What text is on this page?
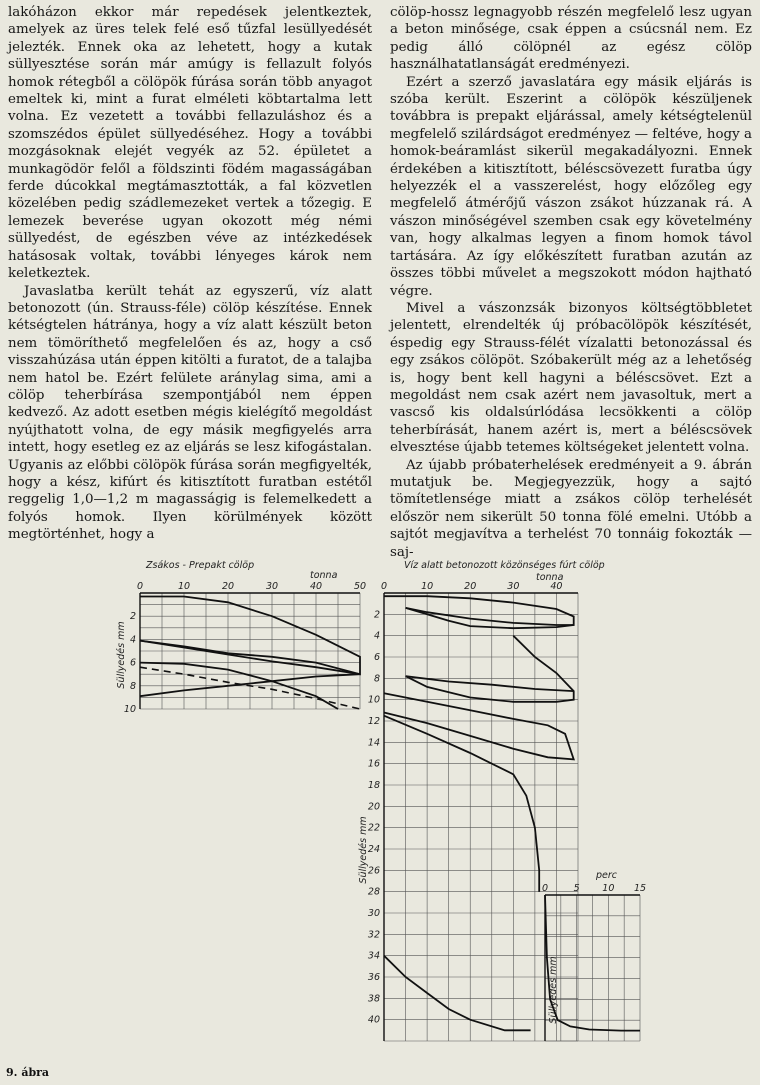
lakóházon ekkor már repedések jelentkeztek, amelyek az üres telek felé eső tűzfal lesüllyedését jelezték. Ennek oka az lehetett, hogy a kutak süllyesztése során már amúgy is fellazult folyós homok rétegből a cölöpök fúrása során több anyagot emeltek ki, mint a furat elméleti köbtartalma lett volna. Ez vezetett a további fellazuláshoz és a szomszédos épület süllyedéséhez. Hogy a további mozgásoknak elejét vegyék az 52. épületet a munkagödör felől a földszinti födém magasságában ferde dúcokkal megtámasztották, a fal közvetlen közelében pedig szádlemezeket vertek a tőzegig. E lemezek beverése ugyan okozott még némi süllyedést, de egészben véve az intézkedések hatásosak voltak, további lényeges károk nem keletkeztek.

Javaslatba került tehát az egyszerű, víz alatt betonozott (ún. Strauss-féle) cölöp készítése. Ennek kétségtelen hátránya, hogy a víz alatt készült beton nem tömöríthető megfelelően és az, hogy a cső visszahúzása után éppen kitölti a furatot, de a talajba nem hatol be. Ezért felülete aránylag sima, ami a cölöp teherbírása szempontjából nem éppen kedvező. Az adott esetben mégis kielégítő megoldást nyújthatott volna, de egy másik megfigyelés arra intett, hogy esetleg ez az eljárás se lesz kifogástalan. Ugyanis az előbbi cölöpök fúrása során megfigyelték, hogy a kész, kifúrt és kitisztított furatban estétől reggelig 1,0—1,2 m magasságig is felemelkedett a folyós homok. Ilyen körülmények között megtörténhet, hogy a

cölöp-hossz legnagyobb részén megfelelő lesz ugyan a beton minősége, csak éppen a csúcsnál nem. Ez pedig álló cölöpnél az egész cölöp használhatatlanságát eredményezi.

Ezért a szerző javaslatára egy másik eljárás is szóba került. Eszerint a cölöpök készüljenek továbbra is prepakt eljárással, amely kétségtelenül megfelelő szilárdságot eredményez — feltéve, hogy a homok-beáramlást sikerül megakadályozni. Ennek érdekében a kitisztított, béléscsövezett furatba úgy helyezzék el a vasszerelést, hogy előzőleg egy megfelelő átmérőjű vászon zsákot húzzanak rá. A vászon minőségével szemben csak egy követelmény van, hogy alkalmas legyen a finom homok távol tartására. Az így előkészített furatban azután az összes többi művelet a megszokott módon hajtható végre.

Mivel a vászonzsák bizonyos költségtöbbletet jelentett, elrendelték új próbacölöpök készítését, éspedig egy Strauss-félét vízalatti betonozással és egy zsákos cölöpöt. Szóbakerült még az a lehetőség is, hogy bent kell hagyni a béléscsövet. Ezt a megoldást nem csak azért nem javasoltuk, mert a vascső kis oldalsúrlódása lecsökkenti a cölöp teherbírását, hanem azért is, mert a béléscsövek elvesztése újabb tetemes költségeket jelentett volna.

Az újabb próbaterhelések eredményeit a 9. ábrán mutatjuk be. Megjegyezzük, hogy a sajtó tömítetlensége miatt a zsákos cölöp terhelését először nem sikerült 50 tonna fölé emelni. Utóbb a sajtót megjavítva a terhelést 70 tonnáig fokozták — saj-

0	10	20	30	40	50
2
4
6
8
10
Zsákos - Prepakt cölöp
tonna
Süllyedés mm
0	10	20	30	40
2
4
6
8
10
12
14
16
18
20
22
24
26
28
30
32
34
36
38
40
Víz alatt betonozott közönséges fúrt cölöp
tonna
Süllyedés mm
0	5 10 15
perc
Süllyedés mm
9. ábra
